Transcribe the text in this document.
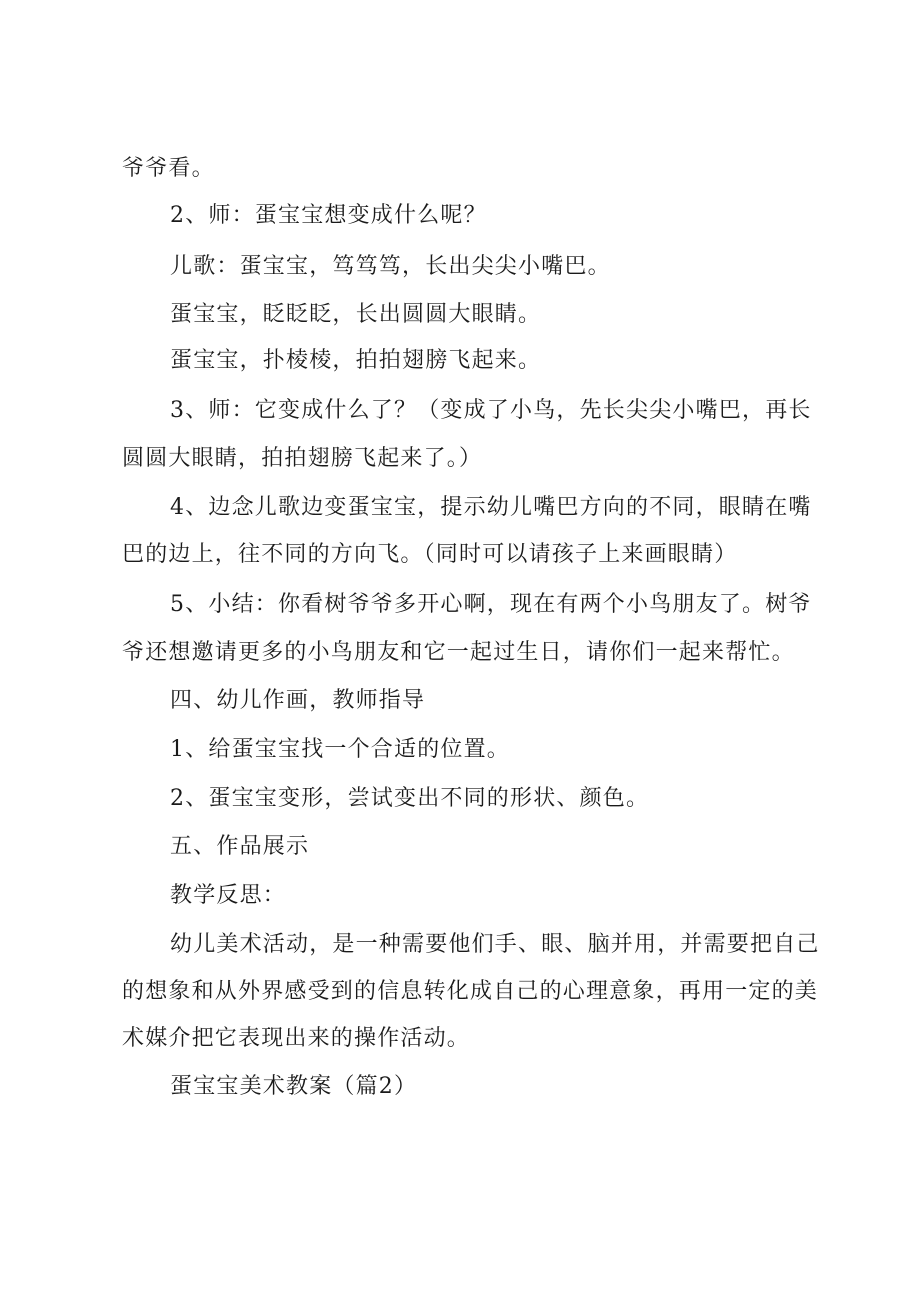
爷爷看。
2、师：蛋宝宝想变成什么呢？
儿歌：蛋宝宝，笃笃笃，长出尖尖小嘴巴。
蛋宝宝，眨眨眨，长出圆圆大眼睛。
蛋宝宝，扑棱棱，拍拍翅膀飞起来。
3、师：它变成什么了？（变成了小鸟，先长尖尖小嘴巴，再长
圆圆大眼睛，拍拍翅膀飞起来了。）
4、边念儿歌边变蛋宝宝，提示幼儿嘴巴方向的不同，眼睛在嘴
巴的边上，往不同的方向飞。（同时可以请孩子上来画眼睛）
5、小结：你看树爷爷多开心啊，现在有两个小鸟朋友了。树爷
爷还想邀请更多的小鸟朋友和它一起过生日，请你们一起来帮忙。
四、幼儿作画，教师指导
1、给蛋宝宝找一个合适的位置。
2、蛋宝宝变形，尝试变出不同的形状、颜色。
五、作品展示
教学反思：
幼儿美术活动，是一种需要他们手、眼、脑并用，并需要把自己
的想象和从外界感受到的信息转化成自己的心理意象，再用一定的美
术媒介把它表现出来的操作活动。
蛋宝宝美术教案（篇2）
